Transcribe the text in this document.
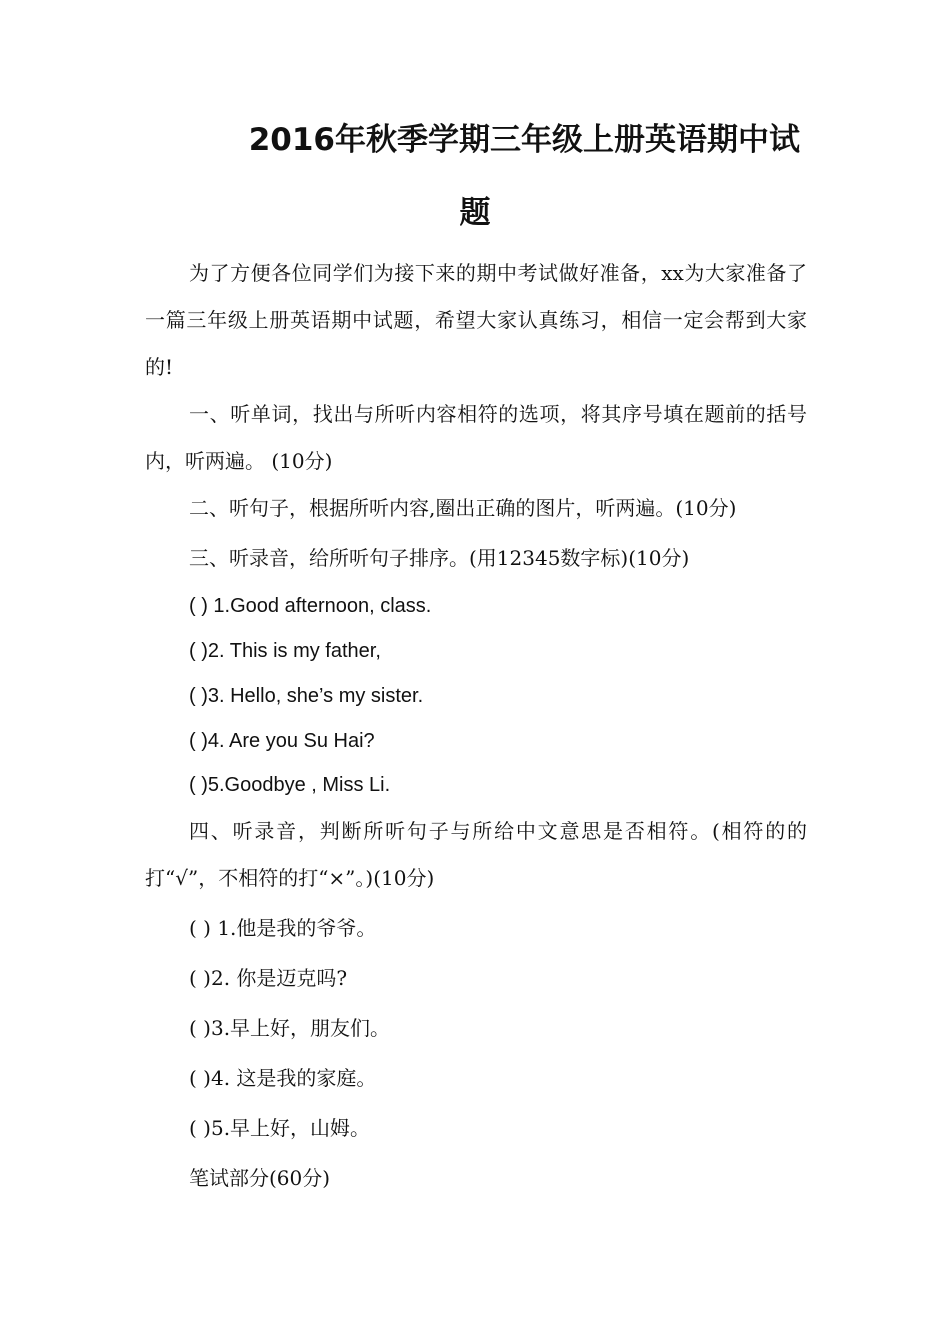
2016年秋季学期三年级上册英语期中试
题

为了方便各位同学们为接下来的期中考试做好准备，xx为大家准备了一篇三年级上册英语期中试题，希望大家认真练习，相信一定会帮到大家的!

一、听单词，找出与所听内容相符的选项，将其序号填在题前的括号内，听两遍。 (10分)

二、听句子，根据所听内容,圈出正确的图片，听两遍。(10分)

三、听录音，给所听句子排序。(用12345数字标)(10分)

( ) 1.Good afternoon, class.

( )2. This is my father,

( )3. Hello, she’s my sister.

( )4. Are you Su Hai?

( )5.Goodbye , Miss Li.

四、听录音，判断所听句子与所给中文意思是否相符。(相符的的打“√”，不相符的打“×”。)(10分)

( ) 1.他是我的爷爷。

( )2. 你是迈克吗?

( )3.早上好，朋友们。

( )4. 这是我的家庭。

( )5.早上好，山姆。

笔试部分(60分)
